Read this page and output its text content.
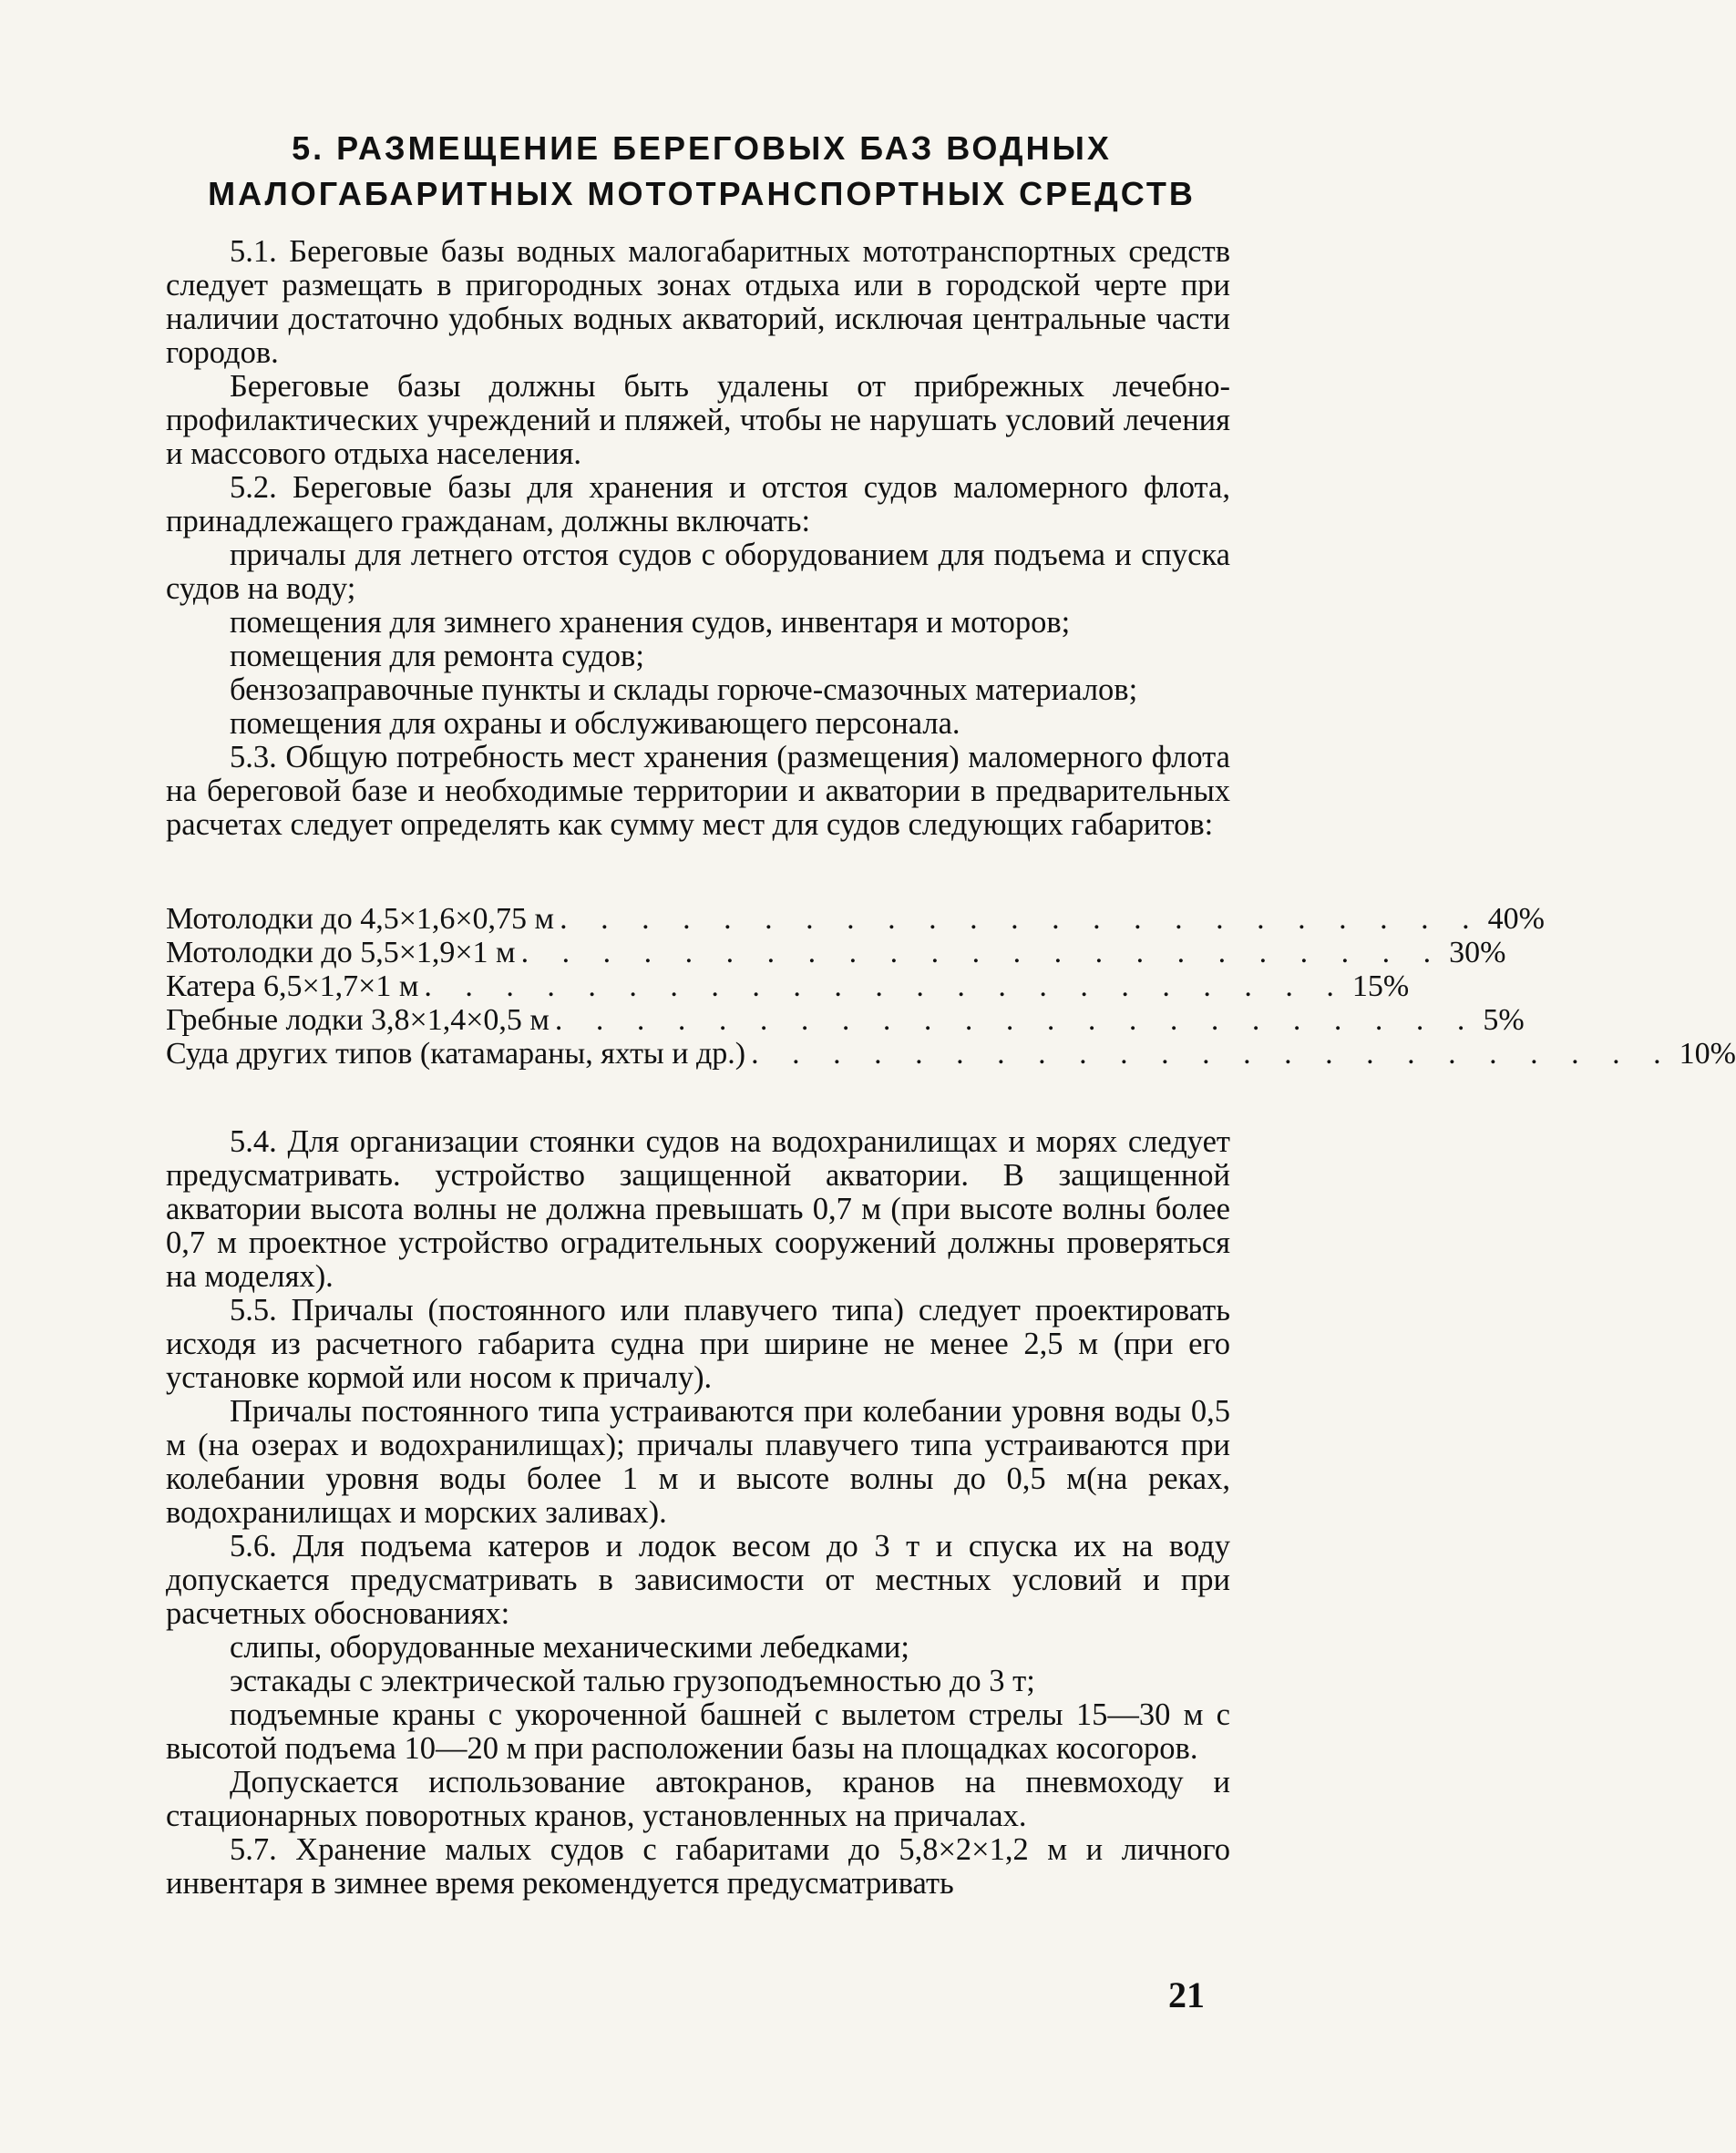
5. РАЗМЕЩЕНИЕ БЕРЕГОВЫХ БАЗ ВОДНЫХ
МАЛОГАБАРИТНЫХ МОТОТРАНСПОРТНЫХ СРЕДСТВ

5.1. Береговые базы водных малогабаритных мототранспортных средств следует размещать в пригородных зонах отдыха или в городской черте при наличии достаточно удобных водных акваторий, исключая центральные части городов.

Береговые базы должны быть удалены от прибрежных лечебно-профилактических учреждений и пляжей, чтобы не нарушать условий лечения и массового отдыха населения.

5.2. Береговые базы для хранения и отстоя судов маломерного флота, принадлежащего гражданам, должны включать:

причалы для летнего отстоя судов с оборудованием для подъема и спуска судов на воду;

помещения для зимнего хранения судов, инвентаря и моторов;

помещения для ремонта судов;

бензозаправочные пункты и склады горюче-смазочных материалов;

помещения для охраны и обслуживающего персонала.

5.3. Общую потребность мест хранения (размещения) маломерного флота на береговой базе и необходимые территории и акватории в предварительных расчетах следует определять как сумму мест для судов следующих габаритов:

Мотолодки до 4,5×1,6×0,75 м . . . . . . . . . . . . . . . . . . . . . . . 40%
Мотолодки до 5,5×1,9×1 м . . . . . . . . . . . . . . . . . . . . . . . 30%
Катера 6,5×1,7×1 м . . . . . . . . . . . . . . . . . . . . . . . 15%
Гребные лодки 3,8×1,4×0,5 м . . . . . . . . . . . . . . . . . . . . . . . 5%
Суда других типов (катамараны, яхты и др.) . . . . . . . . . . . . . . . . . . . . . . . 10%

5.4. Для организации стоянки судов на водохранилищах и морях следует предусматривать. устройство защищенной акватории. В защищенной акватории высота волны не должна превышать 0,7 м (при высоте волны более 0,7 м проектное устройство оградительных сооружений должны проверяться на моделях).

5.5. Причалы (постоянного или плавучего типа) следует проектировать исходя из расчетного габарита судна при ширине не менее 2,5 м (при его установке кормой или носом к причалу).

Причалы постоянного типа устраиваются при колебании уровня воды 0,5 м (на озерах и водохранилищах); причалы плавучего типа устраиваются при колебании уровня воды более 1 м и высоте волны до 0,5 м(на реках, водохранилищах и морских заливах).

5.6. Для подъема катеров и лодок весом до 3 т и спуска их на воду допускается предусматривать в зависимости от местных условий и при расчетных обоснованиях:

слипы, оборудованные механическими лебедками;

эстакады с электрической талью грузоподъемностью до 3 т;

подъемные краны с укороченной башней с вылетом стрелы 15—30 м с высотой подъема 10—20 м при расположении базы на площадках косогоров.

Допускается использование автокранов, кранов на пневмоходу и стационарных поворотных кранов, установленных на причалах.

5.7. Хранение малых судов с габаритами до 5,8×2×1,2 м и личного инвентаря в зимнее время рекомендуется предусматривать

21
